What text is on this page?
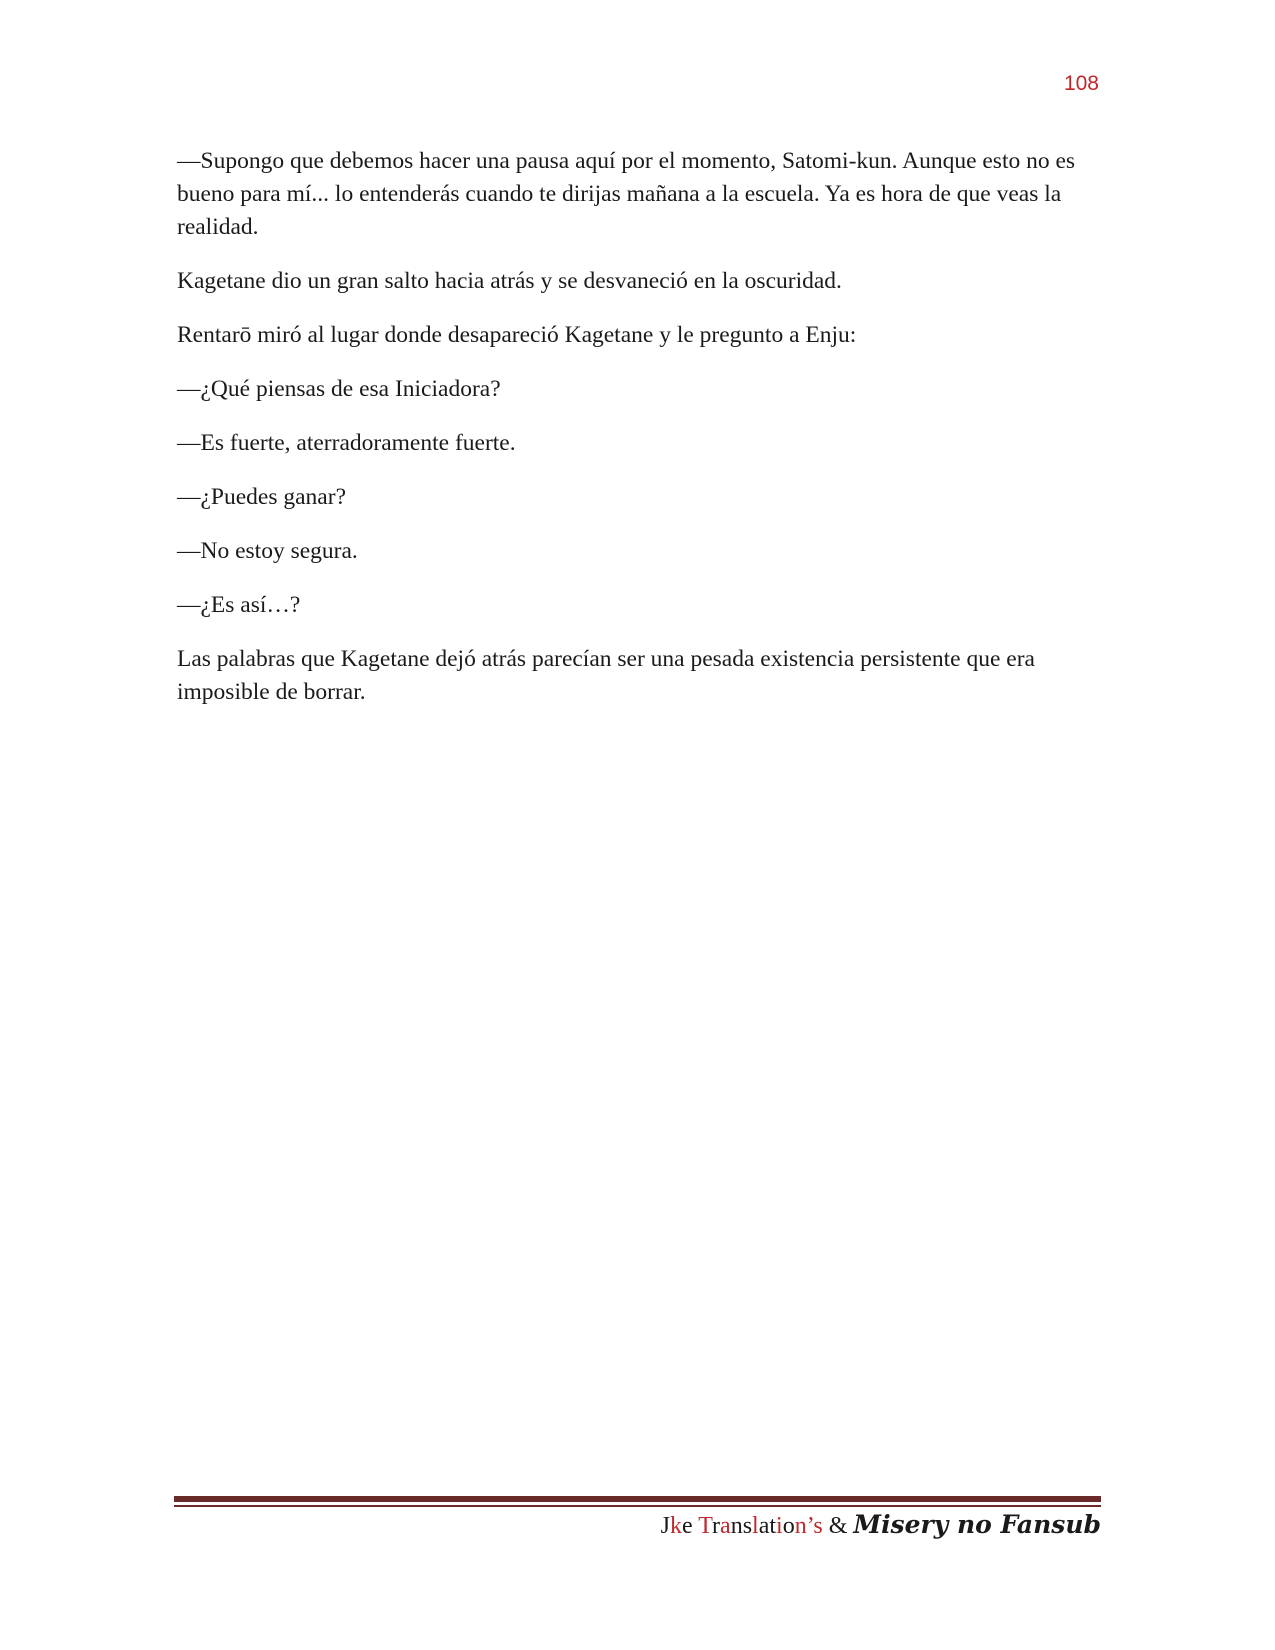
108

—Supongo que debemos hacer una pausa aquí por el momento, Satomi-kun. Aunque esto no es bueno para mí... lo entenderás cuando te dirijas mañana a la escuela. Ya es hora de que veas la realidad.

Kagetane dio un gran salto hacia atrás y se desvaneció en la oscuridad.

Rentarō miró al lugar donde desapareció Kagetane y le pregunto a Enju:

—¿Qué piensas de esa Iniciadora?

—Es fuerte, aterradoramente fuerte.

—¿Puedes ganar?

—No estoy segura.

—¿Es así…?

Las palabras que Kagetane dejó atrás parecían ser una pesada existencia persistente que era imposible de borrar.

Jke Translation’s & Misery no Fansub
